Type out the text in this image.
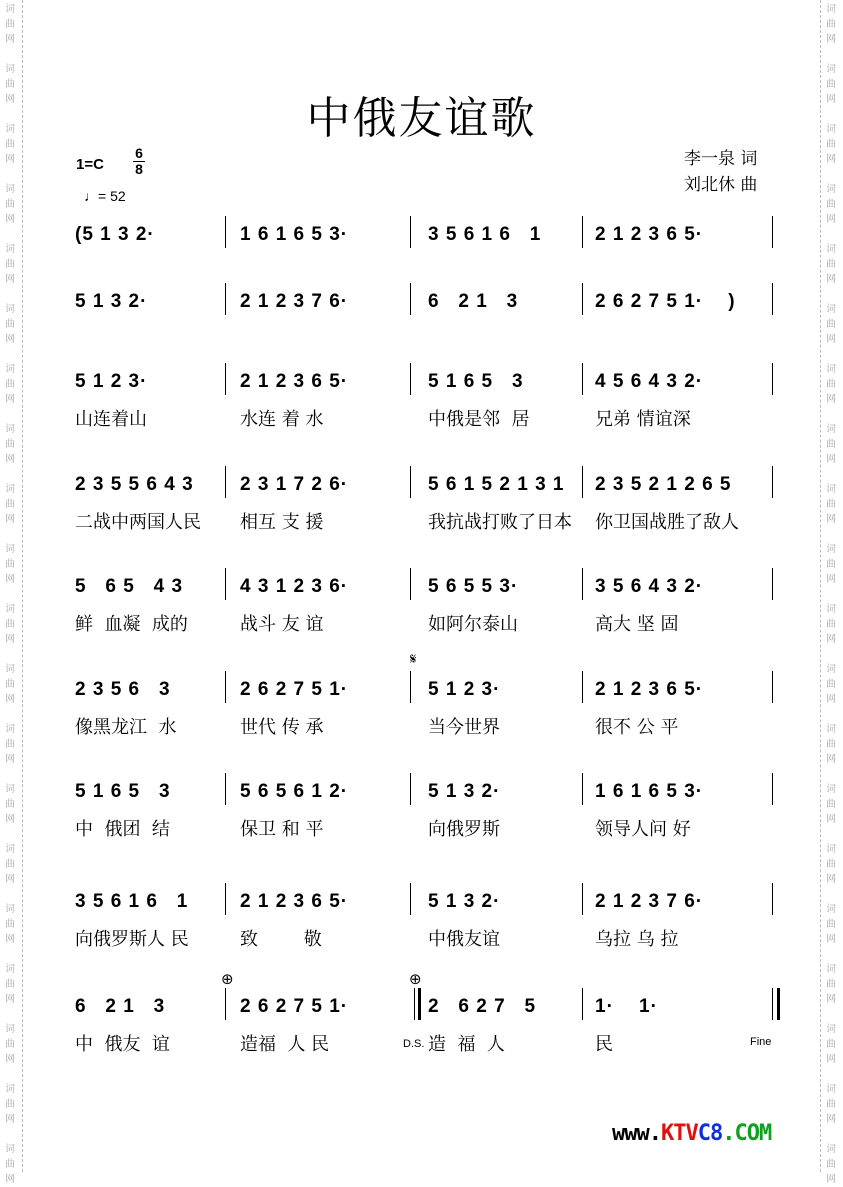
词
曲
网
词
曲
网
词
曲
网
词
曲
网
词
曲
网
词
曲
网
词
曲
网
词
曲
网
词
曲
网
词
曲
网
词
曲
网
词
曲
网
词
曲
网
词
曲
网
词
曲
网
词
曲
网
词
曲
网
词
曲
网
词
曲
网
词
曲
网
词
曲
网
词
曲
网
词
曲
网
词
曲
网
词
曲
网
词
曲
网
词
曲
网
词
曲
网
词
曲
网
词
曲
网
词
曲
网
词
曲
网
词
曲
网
词
曲
网
词
曲
网
词
曲
网
词
曲
网
词
曲
网
词
曲
网
词
曲
网
中俄友谊歌
1=C
6
8
♩= 52
李一泉 词
刘北休 曲
(5 1 3 2·	1 6 1 6 5 3·	3 5 6 1 6   1	2 1 2 3 6 5·
5 1 3 2·	2 1 2 3 7 6·	6   2 1   3	2 6 2 7 5 1·    )
5 1 2 3·
山连着山
2 1 2 3 6 5·
水连 着 水
5 1 6 5   3
中俄是邻  居
4 5 6 4 3 2·
兄弟 情谊深
2 3 5 5 6 4 3
二战中两国人民
2 3 1 7 2 6·
相互 支 援
5 6 1 5 2 1 3 1
我抗战打败了日本
2 3 5 2 1 2 6 5
你卫国战胜了敌人
5   6 5   4 3
鲜  血凝  成的
4 3 1 2 3 6·
战斗 友 谊
5 6 5 5 3·
如阿尔泰山
3 5 6 4 3 2·
高大 坚 固
2 3 5 6   3
像黑龙江  水
2 6 2 7 5 1·
世代 传 承
5 1 2 3·
当今世界
2 1 2 3 6 5·
很不 公 平
5 1 6 5   3
中  俄团  结
5 6 5 6 1 2·
保卫 和 平
5 1 3 2·
向俄罗斯
1 6 1 6 5 3·
领导人问 好
3 5 6 1 6   1
向俄罗斯人 民
2 1 2 3 6 5·
致        敬
5 1 3 2·
中俄友谊
2 1 2 3 7 6·
乌拉 乌 拉
6   2 1   3
中  俄友  谊
2 6 2 7 5 1·
造福  人 民
2   6 2 7   5
造  福  人
1·    1·
民
𝄋
⊕	⊕
D.S.	Fine
www.KTVC8.COM
